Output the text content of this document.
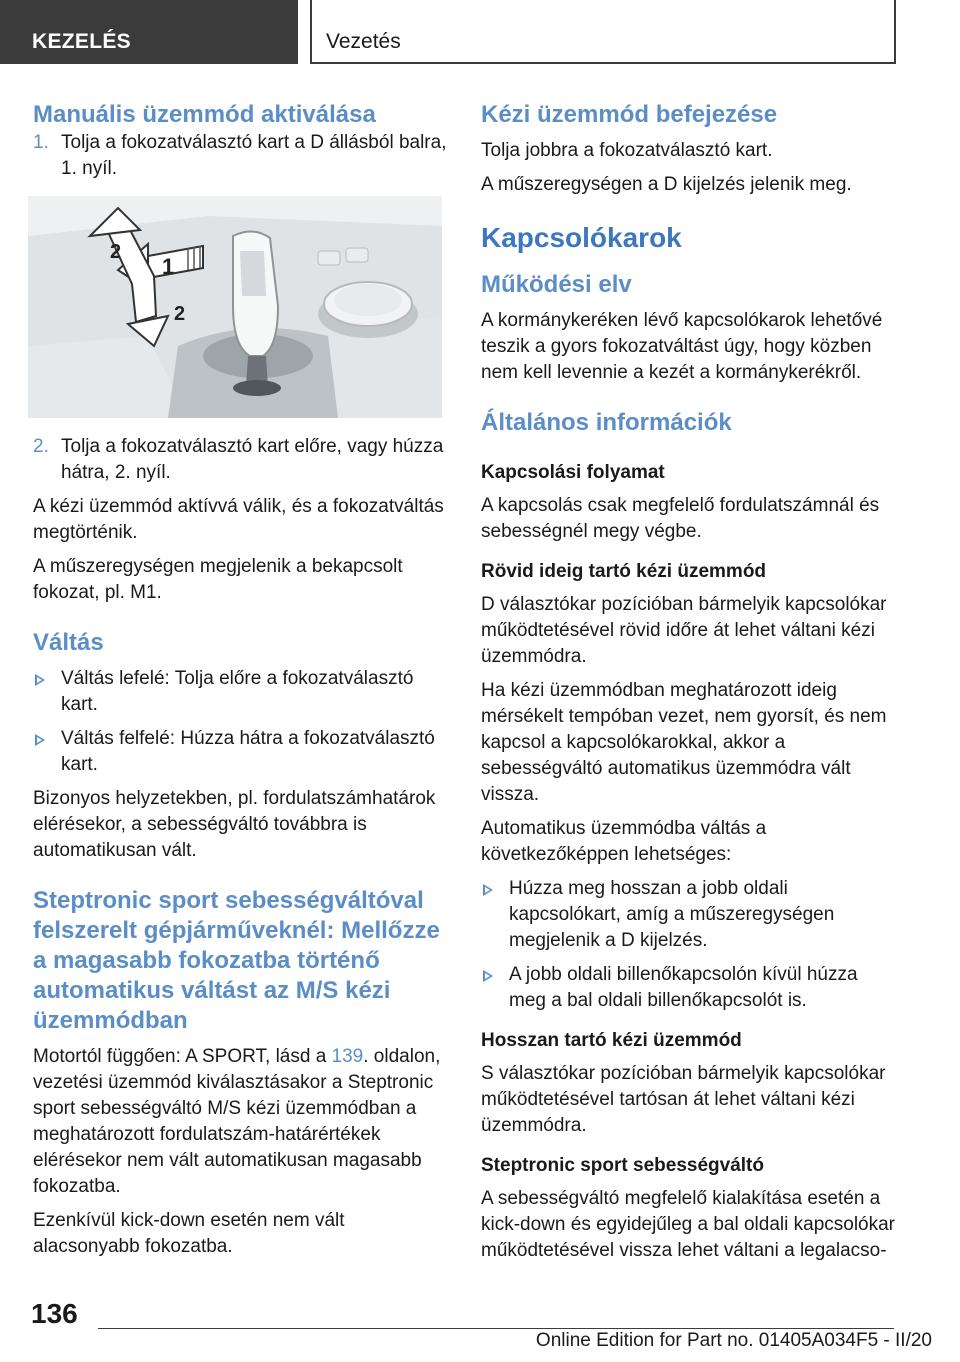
KEZELÉS	Vezetés
Manuális üzemmód aktiválása
1. Tolja a fokozatválasztó kart a D állásból balra, 1. nyíl.
1
2
2
2. Tolja a fokozatválasztó kart előre, vagy húzza hátra, 2. nyíl.

A kézi üzemmód aktívvá válik, és a fokozatváltás megtörténik.

A műszeregységen megjelenik a bekapcsolt fokozat, pl. M1.

Váltás
Váltás lefelé: Tolja előre a fokozatválasztó kart.
Váltás felfelé: Húzza hátra a fokozatválasztó kart.

Bizonyos helyzetekben, pl. fordulatszámhatárok elérésekor, a sebességváltó továbbra is automatikusan vált.

Steptronic sport sebességváltóval felszerelt gépjárműveknél: Mellőzze a magasabb fokozatba történő automatikus váltást az M/S kézi üzemmódban

Motortól függően: A SPORT, lásd a 139. oldalon, vezetési üzemmód kiválasztásakor a Steptronic sport sebességváltó M/S kézi üzemmódban a meghatározott fordulatszám-határértékek elérésekor nem vált automatikusan magasabb fokozatba.

Ezenkívül kick-down esetén nem vált alacsonyabb fokozatba.

Kézi üzemmód befejezése

Tolja jobbra a fokozatválasztó kart.

A műszeregységen a D kijelzés jelenik meg.

Kapcsolókarok
Működési elv

A kormánykeréken lévő kapcsolókarok lehetővé teszik a gyors fokozatváltást úgy, hogy közben nem kell levennie a kezét a kormánykerékről.

Általános információk
Kapcsolási folyamat

A kapcsolás csak megfelelő fordulatszámnál és sebességnél megy végbe.

Rövid ideig tartó kézi üzemmód

D választókar pozícióban bármelyik kapcsolókar működtetésével rövid időre át lehet váltani kézi üzemmódra.

Ha kézi üzemmódban meghatározott ideig mérsékelt tempóban vezet, nem gyorsít, és nem kapcsol a kapcsolókarokkal, akkor a sebességváltó automatikus üzemmódra vált vissza.

Automatikus üzemmódba váltás a következőképpen lehetséges:

Húzza meg hosszan a jobb oldali kapcsolókart, amíg a műszeregységen megjelenik a D kijelzés.
A jobb oldali billenőkapcsolón kívül húzza meg a bal oldali billenőkapcsolót is.
Hosszan tartó kézi üzemmód

S választókar pozícióban bármelyik kapcsolókar működtetésével tartósan át lehet váltani kézi üzemmódra.

Steptronic sport sebességváltó

A sebességváltó megfelelő kialakítása esetén a kick-down és egyidejűleg a bal oldali kapcsolókar működtetésével vissza lehet váltani a legalacso-

136
Online Edition for Part no. 01405A034F5 - II/20
